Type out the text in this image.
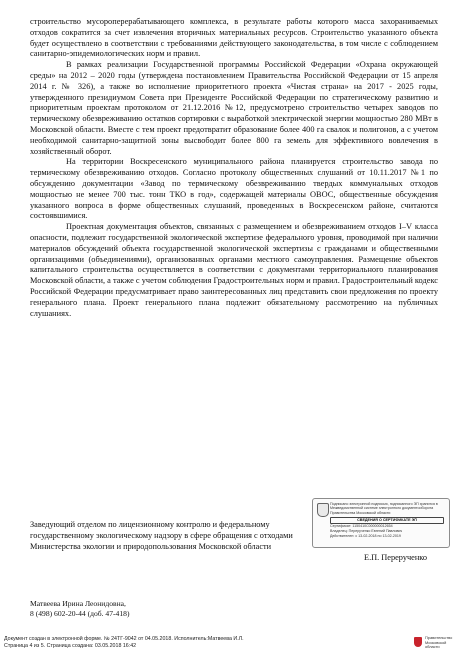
строительство мусороперерабатывающего комплекса, в результате работы которого масса захораниваемых отходов сократится за счет извлечения вторичных материальных ресурсов. Строительство указанного объекта будет осуществлено в соответствии с требованиями действующего законодательства, в том числе с соблюдением санитарно-эпидемиологических норм и правил.

В рамках реализации Государственной программы Российской Федерации «Охрана окружающей среды» на 2012 – 2020 годы (утверждена постановлением Правительства Российской Федерации от 15 апреля 2014 г. № 326), а также во исполнение приоритетного проекта «Чистая страна» на 2017 - 2025 годы, утвержденного президиумом Совета при Президенте Российской Федерации по стратегическому развитию и приоритетным проектам протоколом от 21.12.2016 №12, предусмотрено строительство четырех заводов по термическому обезвреживанию остатков сортировки с выработкой электрической энергии мощностью 280 МВт в Московской области. Вместе с тем проект предотвратит образование более 400 га свалок и полигонов, а с учетом необходимой санитарно-защитной зоны высвободит более 800 га земель для эффективного вовлечения в хозяйственный оборот.

На территории Воскресенского муниципального района планируется строительство завода по термическому обезвреживанию отходов. Согласно протоколу общественных слушаний от 10.11.2017 №1 по обсуждению документации «Завод по термическому обезвреживанию твердых коммунальных отходов мощностью не менее 700 тыс. тонн ТКО в год», содержащей материалы ОВОС, общественные обсуждения указанного вопроса в форме общественных слушаний, проведенных в Воскресенском районе, считаются состоявшимися.

Проектная документация объектов, связанных с размещением и обезвреживанием отходов I–V класса опасности, подлежит государственной экологической экспертизе федерального уровня, проводимой при наличии материалов обсуждений объекта государственной экологической экспертизы с гражданами и общественными организациями (объединениями), организованных органами местного самоуправления. Размещение объектов капитального строительства осуществляется в соответствии с документами территориального планирования Московской области, а также с учетом соблюдения Градостроительных норм и правил. Градостроительный кодекс Российской Федерации предусматривает право заинтересованных лиц представить свои предложения по проекту генерального плана. Проект генерального плана подлежит обязательному рассмотрению на публичных слушаниях.

Подписано электронной подписью, подписанного ЭП хранится в Межведомственной системе электронного документооборота Правительства Московской области
СВЕДЕНИЯ О СЕРТИФИКАТЕ ЭП
Сертификат: 1150410C000000012654
Владелец: Перерученко Евгений Павлович
Действителен: с 13-02-2018 по 13-02-2019
Заведующий отделом по лицензионному контролю и федеральному государственному экологическому надзору в сфере обращения с отходами Министерства экологии и природопользования Московской области
Е.П. Перерученко
Матвеева Ирина Леонидовна,
8 (498) 602-20-44 (доб. 47-418)
Документ создан в электронной форме. № 24ТГ-9042 от 04.05.2018. Исполнитель:Матвеева И.Л.
Страница 4 из 5. Страница создана: 03.05.2018 16:42
Правительство Московской области
